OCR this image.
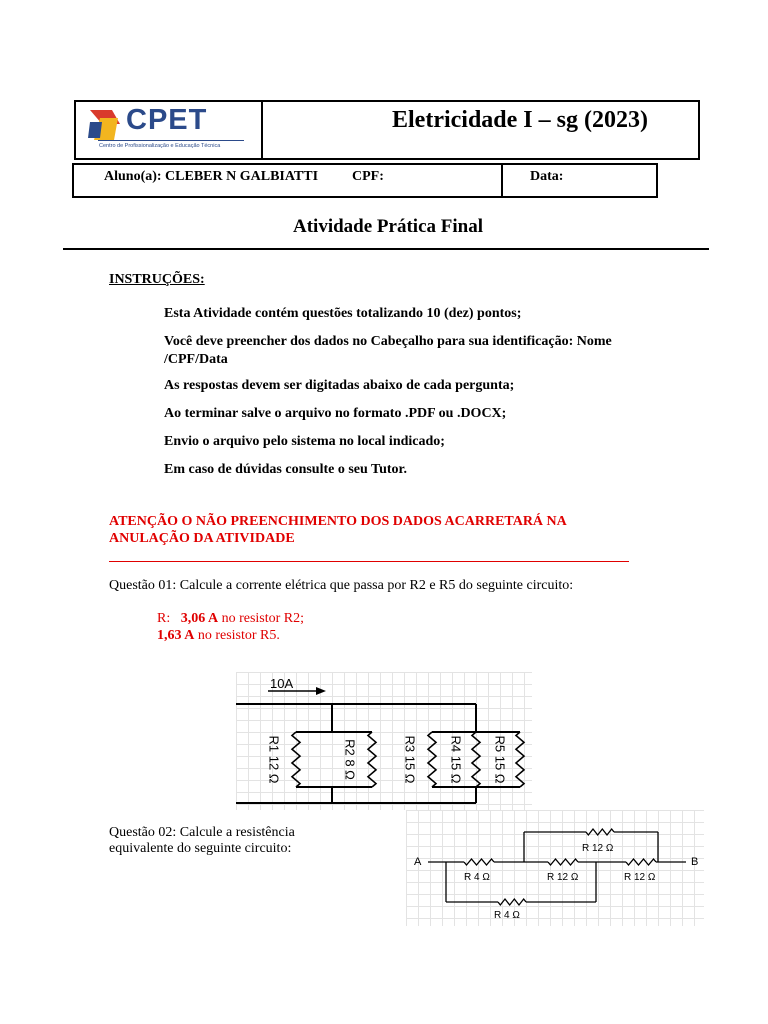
CPET
Centro de Profissionalização e Educação Técnica
Eletricidade I – sg (2023)
Aluno(a): CLEBER N GALBIATTI CPF:	Data:
Atividade Prática Final
INSTRUÇÕES:
Esta Atividade contém questões totalizando 10 (dez) pontos;
Você deve preencher dos dados no Cabeçalho para sua identificação: Nome /CPF/Data
As respostas devem ser digitadas abaixo de cada pergunta;
Ao terminar salve o arquivo no formato .PDF ou .DOCX;
Envio o arquivo pelo sistema no local indicado;
Em caso de dúvidas consulte o seu Tutor.
ATENÇÃO O NÃO PREENCHIMENTO DOS DADOS ACARRETARÁ NA ANULAÇÃO DA ATIVIDADE
Questão 01: Calcule a corrente elétrica que passa por R2 e R5 do seguinte circuito:
R: 3,06 A no resistor R2;
1,63 A no resistor R5.
10A
R1 12 Ω	R2 8 Ω	R3 15 Ω R4 15 Ω R5 15 Ω
Questão 02: Calcule a resistência
equivalente do seguinte circuito:
A	B
R 12 Ω
R 4 Ω	R 12 Ω	R 12 Ω
R 4 Ω
